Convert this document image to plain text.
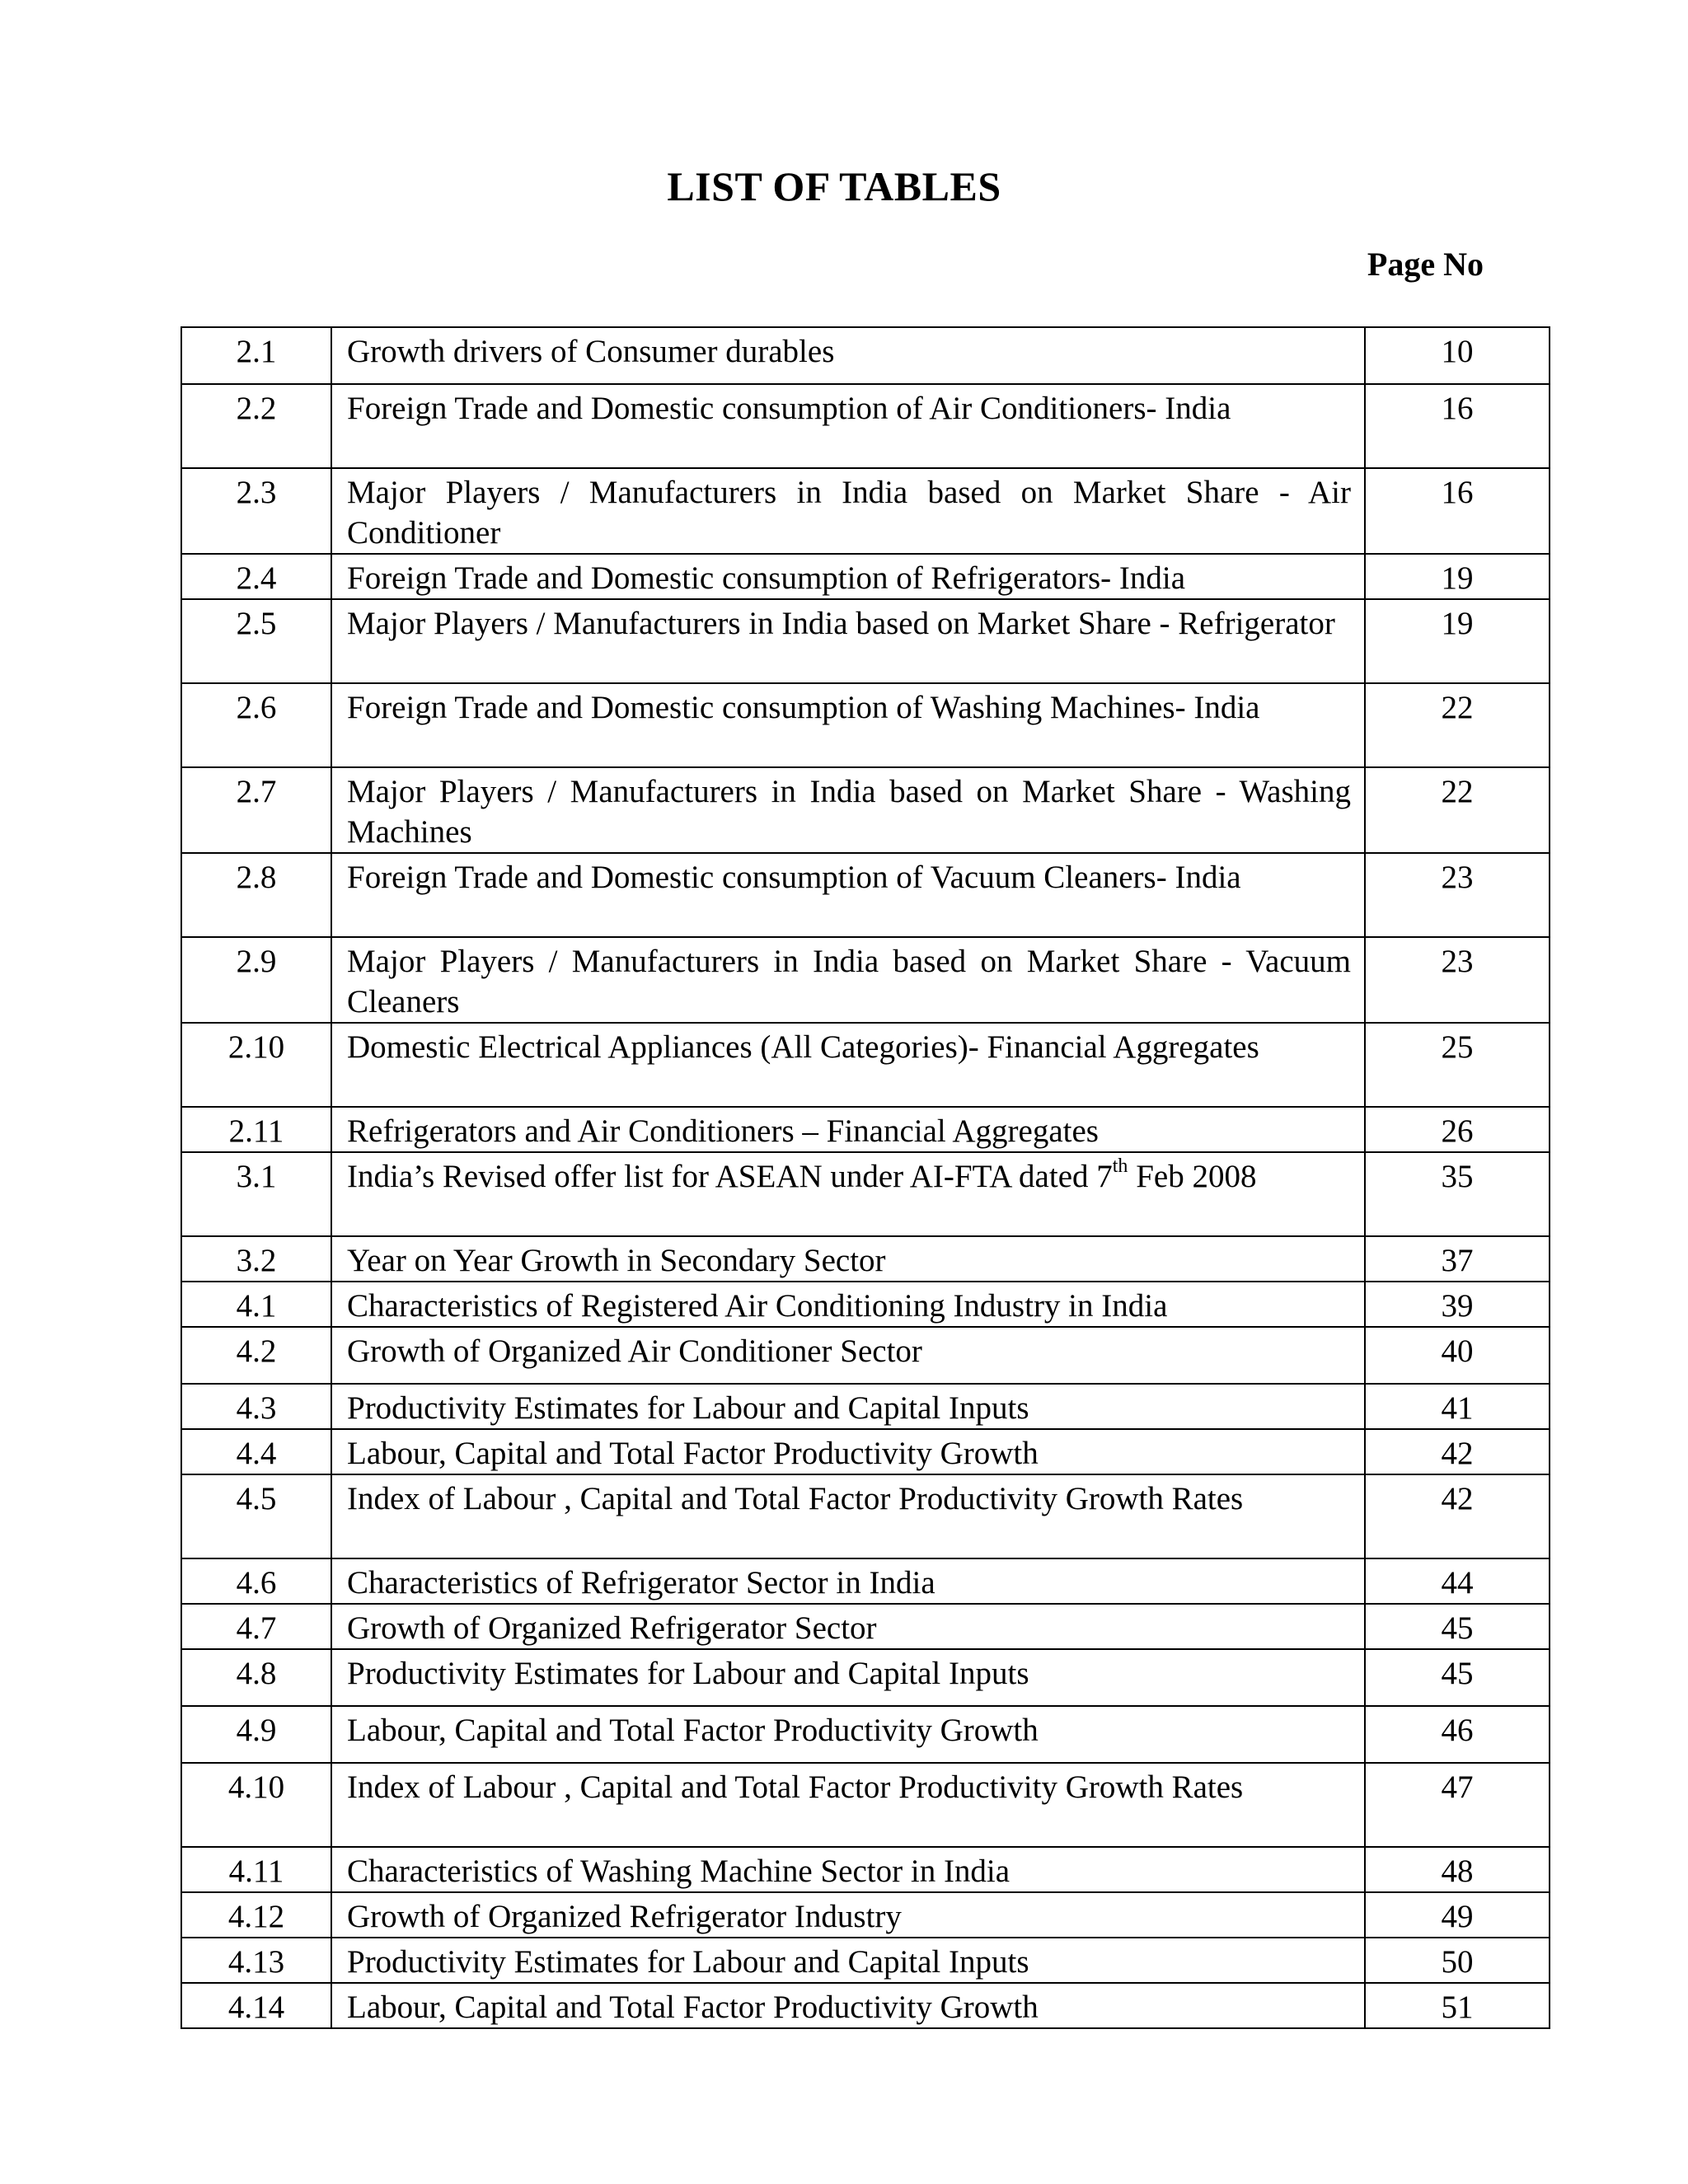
LIST OF TABLES
Page No
2.1	Growth drivers of Consumer durables	10
2.2	Foreign Trade and Domestic consumption of Air Conditioners- India	16
2.3	Major Players / Manufacturers in India based on Market Share - Air Conditioner	16
2.4	Foreign Trade and Domestic consumption of Refrigerators- India	19
2.5	Major Players / Manufacturers in India based on Market Share - Refrigerator	19
2.6	Foreign Trade and Domestic consumption of Washing Machines- India	22
2.7	Major Players / Manufacturers in India based on Market Share - Washing Machines	22
2.8	Foreign Trade and Domestic consumption of Vacuum Cleaners- India	23
2.9	Major Players / Manufacturers in India based on Market Share - Vacuum Cleaners	23
2.10	Domestic Electrical Appliances (All Categories)- Financial Aggregates	25
2.11	Refrigerators and Air Conditioners – Financial Aggregates	26
3.1	India’s Revised offer list for ASEAN under AI-FTA dated 7th Feb 2008	35
3.2	Year on Year Growth in Secondary Sector	37
4.1	Characteristics of Registered Air Conditioning Industry in India	39
4.2	Growth of Organized Air Conditioner Sector	40
4.3	Productivity Estimates for Labour and Capital Inputs	41
4.4	Labour, Capital and Total Factor Productivity Growth	42
4.5	Index of Labour , Capital and Total Factor Productivity Growth Rates	42
4.6	Characteristics of Refrigerator Sector in India	44
4.7	Growth of Organized Refrigerator Sector	45
4.8	Productivity Estimates for Labour and Capital Inputs	45
4.9	Labour, Capital and Total Factor Productivity Growth	46
4.10	Index of Labour , Capital and Total Factor Productivity Growth Rates	47
4.11	Characteristics of Washing Machine Sector in India	48
4.12	Growth of Organized Refrigerator Industry	49
4.13	Productivity Estimates for Labour and Capital Inputs	50
4.14	Labour, Capital and Total Factor Productivity Growth	51
